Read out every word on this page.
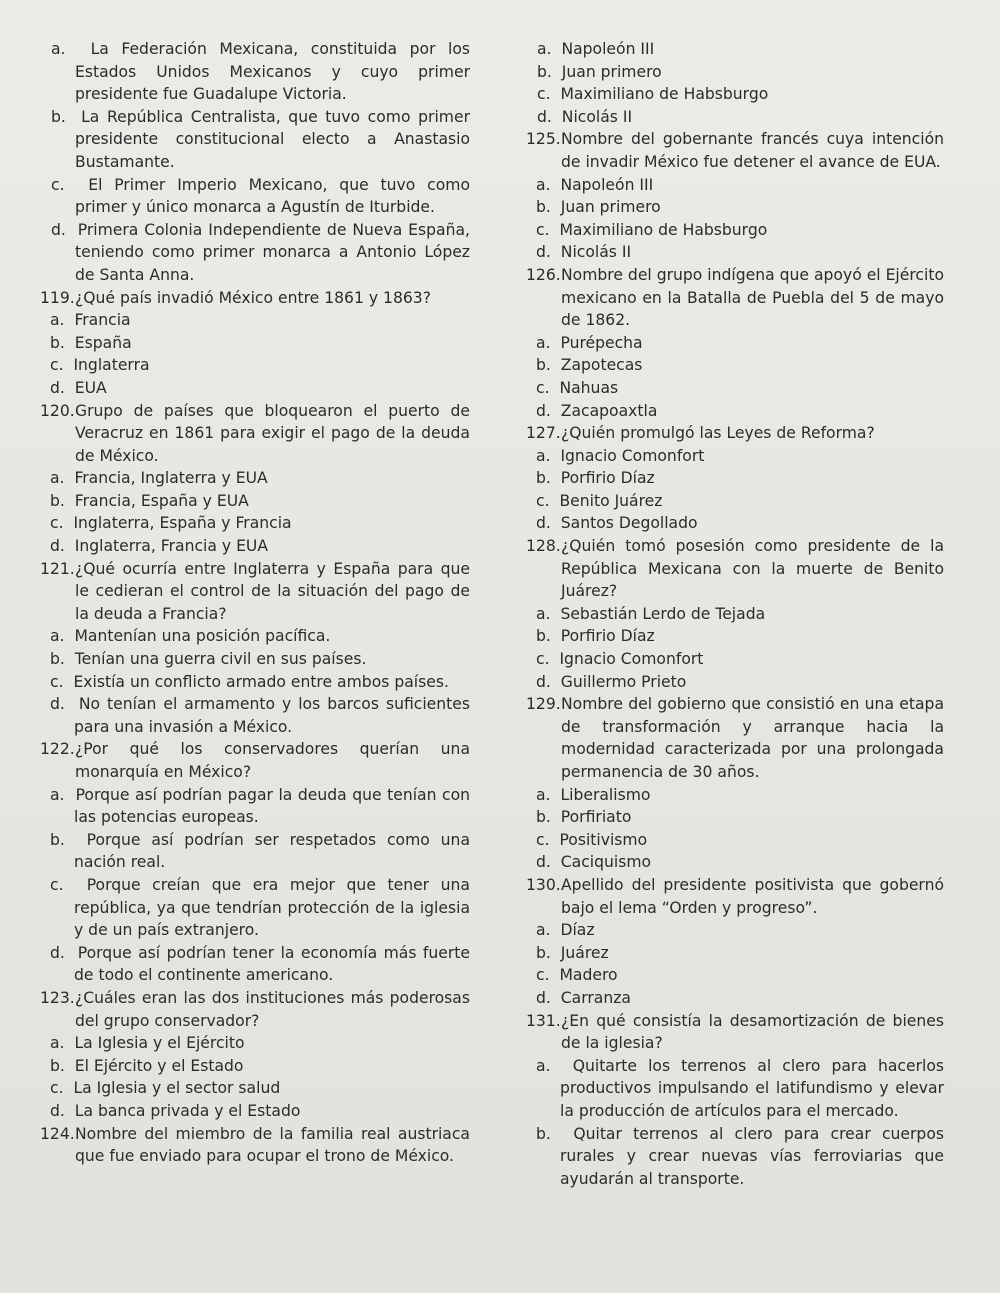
a. La Federación Mexicana, constituida por los Estados Unidos Mexicanos y cuyo primer presidente fue Guadalupe Victoria.
b. La República Centralista, que tuvo como primer presidente constitucional electo a Anastasio Bustamante.
c. El Primer Imperio Mexicano, que tuvo como primer y único monarca a Agustín de Iturbide.
d. Primera Colonia Independiente de Nueva España, teniendo como primer monarca a Antonio López de Santa Anna.
119.¿Qué país invadió México entre 1861 y 1863?
a. Francia
b. España
c. Inglaterra
d. EUA
120.Grupo de países que bloquearon el puerto de Veracruz en 1861 para exigir el pago de la deuda de México.
a. Francia, Inglaterra y EUA
b. Francia, España y EUA
c. Inglaterra, España y Francia
d. Inglaterra, Francia y EUA
121.¿Qué ocurría entre Inglaterra y España para que le cedieran el control de la situación del pago de la deuda a Francia?
a. Mantenían una posición pacífica.
b. Tenían una guerra civil en sus países.
c. Existía un conflicto armado entre ambos países.
d. No tenían el armamento y los barcos suficientes para una invasión a México.
122.¿Por qué los conservadores querían una monarquía en México?
a. Porque así podrían pagar la deuda que tenían con las potencias europeas.
b. Porque así podrían ser respetados como una nación real.
c. Porque creían que era mejor que tener una república, ya que tendrían protección de la iglesia y de un país extranjero.
d. Porque así podrían tener la economía más fuerte de todo el continente americano.
123.¿Cuáles eran las dos instituciones más poderosas del grupo conservador?
a. La Iglesia y el Ejército
b. El Ejército y el Estado
c. La Iglesia y el sector salud
d. La banca privada y el Estado
124.Nombre del miembro de la familia real austriaca que fue enviado para ocupar el trono de México.
a. Napoleón III
b. Juan primero
c. Maximiliano de Habsburgo
d. Nicolás II
125.Nombre del gobernante francés cuya intención de invadir México fue detener el avance de EUA.
a. Napoleón III
b. Juan primero
c. Maximiliano de Habsburgo
d. Nicolás II
126.Nombre del grupo indígena que apoyó el Ejército mexicano en la Batalla de Puebla del 5 de mayo de 1862.
a. Purépecha
b. Zapotecas
c. Nahuas
d. Zacapoaxtla
127.¿Quién promulgó las Leyes de Reforma?
a. Ignacio Comonfort
b. Porfirio Díaz
c. Benito Juárez
d. Santos Degollado
128.¿Quién tomó posesión como presidente de la República Mexicana con la muerte de Benito Juárez?
a. Sebastián Lerdo de Tejada
b. Porfirio Díaz
c. Ignacio Comonfort
d. Guillermo Prieto
129.Nombre del gobierno que consistió en una etapa de transformación y arranque hacia la modernidad caracterizada por una prolongada permanencia de 30 años.
a. Liberalismo
b. Porfiriato
c. Positivismo
d. Caciquismo
130.Apellido del presidente positivista que gobernó bajo el lema “Orden y progreso”.
a. Díaz
b. Juárez
c. Madero
d. Carranza
131.¿En qué consistía la desamortización de bienes de la iglesia?
a. Quitarte los terrenos al clero para hacerlos productivos impulsando el latifundismo y elevar la producción de artículos para el mercado.
b. Quitar terrenos al clero para crear cuerpos rurales y crear nuevas vías ferroviarias que ayudarán al transporte.
